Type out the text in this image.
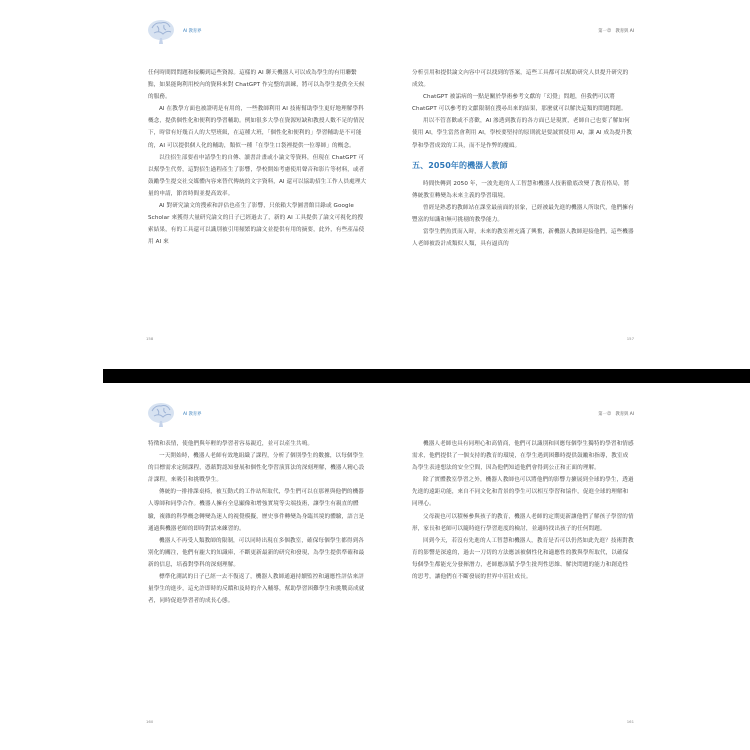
AI 教育界

任何時間問問題和接觸到這些資源。這樣的 AI 聊天機器人可以成為學生的有用聯繫點，如果能夠利用校內的資料來對 ChatGPT 作完整的訓練，將可以為學生提供全天候的服務。

AI 在教學方面也被證明是有用的，一些教師利用 AI 技術幫助學生更好地理解學科概念，提供個性化和便利的學習輔助。例如很多大學在資源短缺和教授人數不足的情況下，時常有好幾百人的大型班級，在這種大班，「個性化和便利的」學習輔助是不可能的，AI 可以提供個人化的輔助，類似一種「在學生口袋裡提供一位導師」的概念。

以往招生部要看申請學生的自傳、讀書計畫或小論文等資料，但現在 ChatGPT 可以幫學生代勞，這對招生過程產生了影響，學校開始考慮使用聲音和影片等材料，或者鼓勵學生提交社交媒體內容來替代傳統的文字資料，AI 還可以協助招生工作人員處理大量的申請，節省時間並提高效率。

AI 對研究論文的搜索和評估也產生了影響，只依賴大學圖書館目錄或 Google Scholar 來獲得大量研究論文的日子已經過去了，新的 AI 工具提供了論文可視化的搜索結果，有的工具還可以識別被引用頻繁的論文並提供有用的摘要，此外，有些產品使用 AI 來

158
第一章 教育與 AI

分析引用和提供論文內容中可以找到的答案，這些工具都可以幫助研究人員提升研究的成效。

ChatGPT 被詬病的一點是關於學術參考文獻的「幻覺」問題，但我們可以將 ChatGPT 可以參考的文獻限制在搜尋出來的結果，那麼就可以解決這類的問題問題。

用以不管喜歡或不喜歡，AI 滲透到教育的各方面已是現實，老師自己也要了解如何使用 AI，學生當然會利用 AI，學校要堅持的原則就是要誠實使用 AI，讓 AI 成為提升教學和學習成效的工具，而不是作弊的魔頭。

五、2050年的機器人教師

時間快轉到 2050 年，一波先進的人工智慧和機器人技術徹底改變了教育格局，將傳統教室轉變為未來主義的學習環境。

曾經是熟悉的教師站在課堂最前面的景象，已經被最先進的機器人所取代，他們擁有豐富的知識和無可挑剔的教學能力。

當學生們魚貫而入時，未來的教室裡充滿了興奮，新機器人教師迎接他們，這些機器人老師被設計成類似人類，具有逼真的

157
AI 教育界

特徵和表情，使他們與年輕的學習者容易親近，並可以產生共鳴。

一天開始時，機器人老師有效地組織了課程，分析了個別學生的數據，以每個學生的目標需求定制課程，憑藉對認知發展和個性化學習演算法的深刻理解，機器人精心設計課程，來吸引和挑戰學生。

傳統的一排排課桌椅，被互動式的工作站所取代，學生們可以在那裡與他們的機器人導師和同學合作。機器人擁有全息顯像和增強實境等尖端技術，讓學生有親直的體驗，複雜的科學概念轉變為迷人的視覺模擬，歷史事件轉變為身臨其境的體驗，語言是通過與機器老師的即時對話來練習的。

機器人不再受人類教師的限制，可以同時出現在多個教室，確保每個學生都得到各別化的關注，他們有龐大的知識庫，不斷更新最新的研究和發現，為學生提供準確和最新的信息，培養對學科的深刻理解。

標準化測試的日子已經一去不復返了，機器人教師通過持續監控和適應性評估來評量學生的進步，這允許即時的反饋和及時的介入輔導，幫助學習困難學生和挑戰高成就者，同時促進學習者的成長心態。

160
第一章 教育與 AI

機器人老師也具有同理心和高情商，他們可以識別和回應每個學生獨特的學習和情感需求，他們提供了一個支持的教育的環境，在學生遇到困難時提供鼓勵和指導，教室成為學生表達想法的安全空間，因為他們知道他們會得到公正和正面的理解。

除了實體教室學習之外，機器人教師也可以將他們的影響力擴展到全球的學生，透過先進的遠距功能，來自不同文化和背景的學生可以相互學習和協作，促進全球的理解和同理心。

父母親也可以積極參與孩子的教育，機器人老師的定期更新讓他們了解孩子學習的情形，家長和老師可以隨時進行學習進度的檢討，並適時找出孩子的任何問題。

回到今天，若沒有先進的人工智慧和機器人，教育是否可以仍然如此先進？技術對教育的影響是深遠的，過去一刀切的方法應該被個性化和適應性的教與學所取代，以確保每個學生都能充分發揮潛力，老師應該賦予學生批判性思維、解決問題的能力和創造性的思考，讓他們在不斷發展的世界中茁壯成長。

161
